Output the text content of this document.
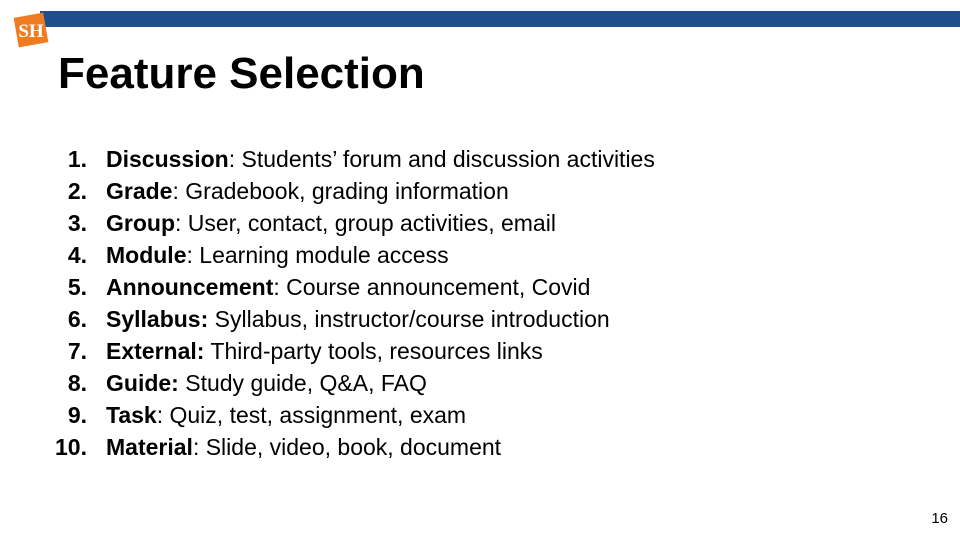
SH
Feature Selection
1. Discussion: Students’ forum and discussion activities
2. Grade: Gradebook, grading information
3. Group: User, contact, group activities, email
4. Module: Learning module access
5. Announcement: Course announcement, Covid
6. Syllabus: Syllabus, instructor/course introduction
7. External: Third-party tools, resources links
8. Guide: Study guide, Q&A, FAQ
9. Task: Quiz, test, assignment, exam
10. Material: Slide, video, book, document
16
